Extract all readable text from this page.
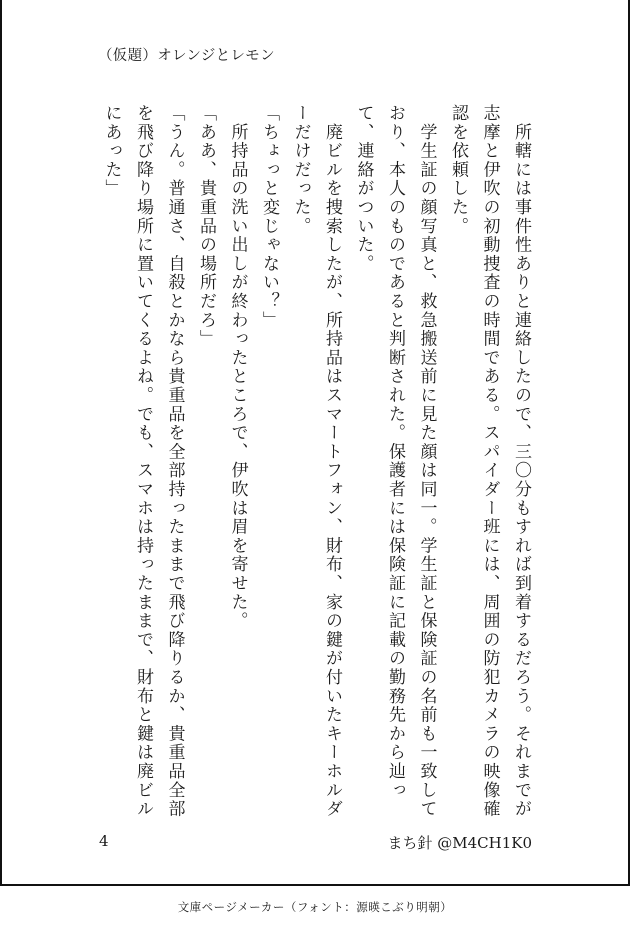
（仮題）オレンジとレモン

　所轄には事件性ありと連絡したので、三〇分もすれば到着するだろう。それまでが志摩と伊吹の初動捜査の時間である。スパイダー班には、周囲の防犯カメラの映像確認を依頼した。

　学生証の顔写真と、救急搬送前に見た顔は同一。学生証と保険証の名前も一致しており、本人のものであると判断された。保護者には保険証に記載の勤務先から辿って、連絡がついた。

　廃ビルを捜索したが、所持品はスマートフォン、財布、家の鍵が付いたキーホルダーだけだった。

「ちょっと変じゃない？」

　所持品の洗い出しが終わったところで、伊吹は眉を寄せた。

「ああ、貴重品の場所だろ」

「うん。普通さ、自殺とかなら貴重品を全部持ったままで飛び降りるか、貴重品全部を飛び降り場所に置いてくるよね。でも、スマホは持ったままで、財布と鍵は廃ビルにあった」

4	まち針 @M4CH1K0
文庫ページメーカー（フォント：源暎こぶり明朝）
